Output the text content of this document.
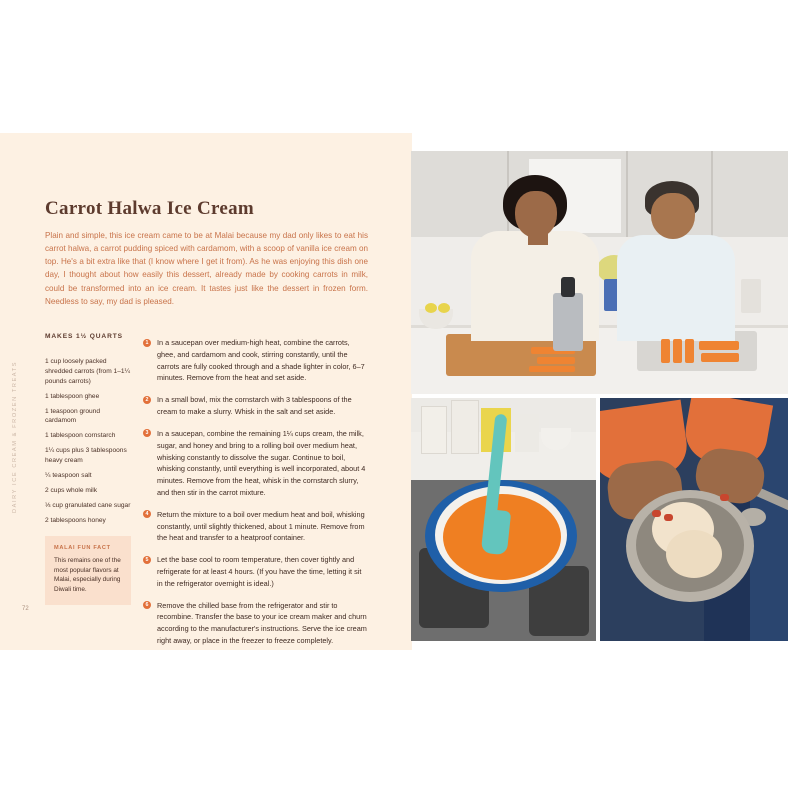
DAIRY ICE CREAM & FROZEN TREATS
72
Carrot Halwa Ice Cream

Plain and simple, this ice cream came to be at Malai because my dad only likes to eat his carrot halwa, a carrot pudding spiced with cardamom, with a scoop of vanilla ice cream on top. He's a bit extra like that (I know where I get it from). As he was enjoying this dish one day, I thought about how easily this dessert, already made by cooking carrots in milk, could be transformed into an ice cream. It tastes just like the dessert in frozen form. Needless to say, my dad is pleased.

MAKES 1½ QUARTS
1 cup loosely packed shredded carrots (from 1–1¼ pounds carrots)
1 tablespoon ghee
1 teaspoon ground cardamom
1 tablespoon cornstarch
1¼ cups plus 3 tablespoons heavy cream
¼ teaspoon salt
2 cups whole milk
⅓ cup granulated cane sugar
2 tablespoons honey
1	In a saucepan over medium-high heat, combine the carrots, ghee, and cardamom and cook, stirring constantly, until the carrots are fully cooked through and a shade lighter in color, 6–7 minutes. Remove from the heat and set aside.
2	In a small bowl, mix the cornstarch with 3 tablespoons of the cream to make a slurry. Whisk in the salt and set aside.
3	In a saucepan, combine the remaining 1¼ cups cream, the milk, sugar, and honey and bring to a rolling boil over medium heat, whisking constantly to dissolve the sugar. Continue to boil, whisking constantly, until everything is well incorporated, about 4 minutes. Remove from the heat, whisk in the cornstarch slurry, and then stir in the carrot mixture.
4	Return the mixture to a boil over medium heat and boil, whisking constantly, until slightly thickened, about 1 minute. Remove from the heat and transfer to a heatproof container.
5	Let the base cool to room temperature, then cover tightly and refrigerate for at least 4 hours. (If you have the time, letting it sit in the refrigerator overnight is ideal.)
6	Remove the chilled base from the refrigerator and stir to recombine. Transfer the base to your ice cream maker and churn according to the manufacturer's instructions. Serve the ice cream right away, or place in the freezer to freeze completely.
MALAI FUN FACT

This remains one of the most popular flavors at Malai, especially during Diwali time.
